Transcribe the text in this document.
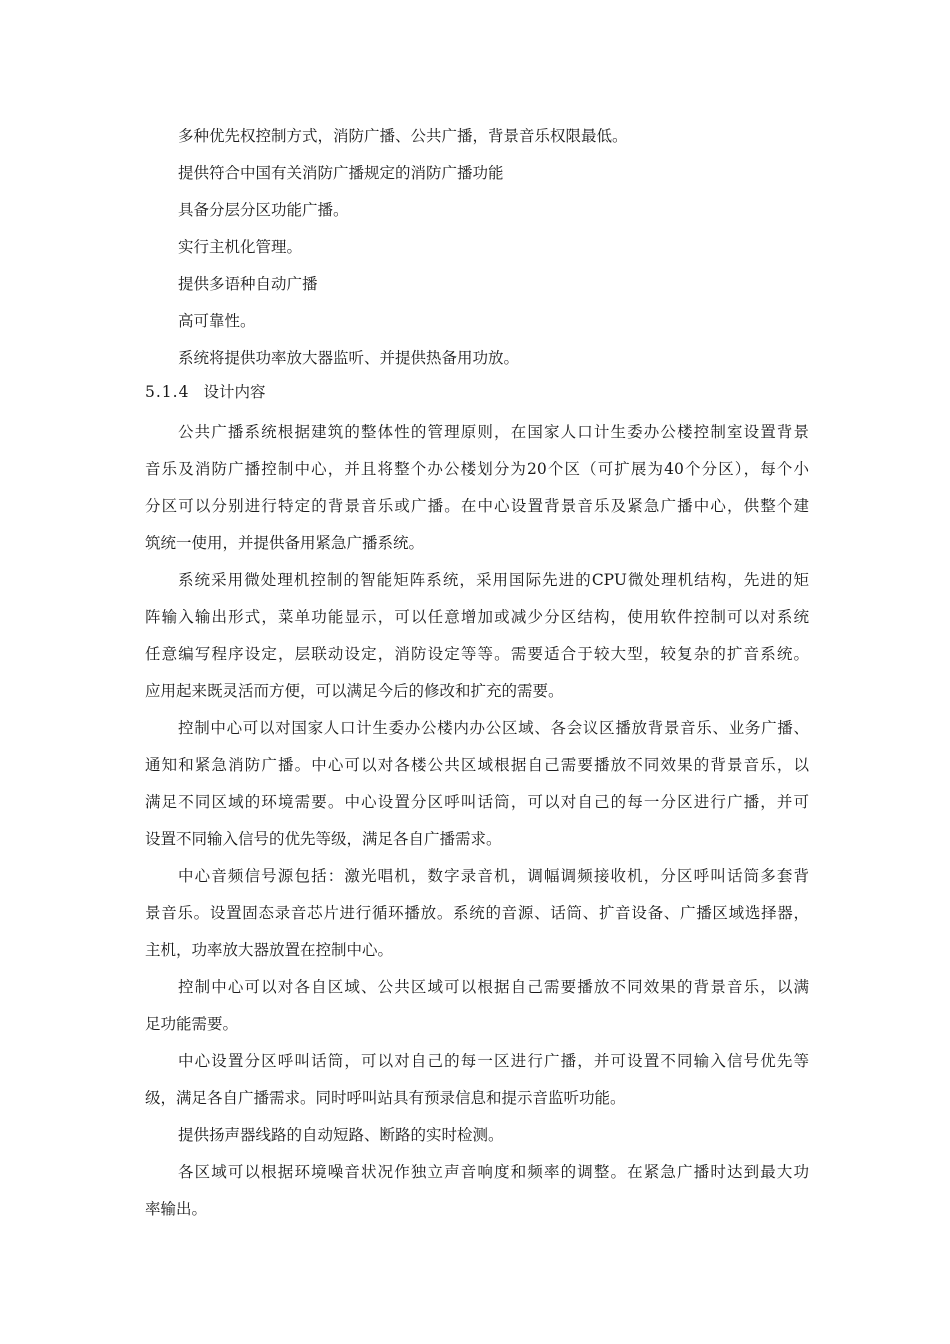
多种优先权控制方式，消防广播、公共广播，背景音乐权限最低。
提供符合中国有关消防广播规定的消防广播功能
具备分层分区功能广播。
实行主机化管理。
提供多语种自动广播
高可靠性。
系统将提供功率放大器监听、并提供热备用功放。
5.1.4 设计内容
公共广播系统根据建筑的整体性的管理原则，在国家人口计生委办公楼控制室设置背景
音乐及消防广播控制中心，并且将整个办公楼划分为20个区（可扩展为40个分区），每个小
分区可以分别进行特定的背景音乐或广播。在中心设置背景音乐及紧急广播中心，供整个建
筑统一使用，并提供备用紧急广播系统。
系统采用微处理机控制的智能矩阵系统，采用国际先进的CPU微处理机结构，先进的矩
阵输入输出形式，菜单功能显示，可以任意增加或减少分区结构，使用软件控制可以对系统
任意编写程序设定，层联动设定，消防设定等等。需要适合于较大型，较复杂的扩音系统。
应用起来既灵活而方便，可以满足今后的修改和扩充的需要。
控制中心可以对国家人口计生委办公楼内办公区域、各会议区播放背景音乐、业务广播、
通知和紧急消防广播。中心可以对各楼公共区域根据自己需要播放不同效果的背景音乐，以
满足不同区域的环境需要。中心设置分区呼叫话筒，可以对自己的每一分区进行广播，并可
设置不同输入信号的优先等级，满足各自广播需求。
中心音频信号源包括：激光唱机，数字录音机，调幅调频接收机，分区呼叫话筒多套背
景音乐。设置固态录音芯片进行循环播放。系统的音源、话筒、扩音设备、广播区域选择器，
主机，功率放大器放置在控制中心。
控制中心可以对各自区域、公共区域可以根据自己需要播放不同效果的背景音乐，以满
足功能需要。
中心设置分区呼叫话筒，可以对自己的每一区进行广播，并可设置不同输入信号优先等
级，满足各自广播需求。同时呼叫站具有预录信息和提示音监听功能。
提供扬声器线路的自动短路、断路的实时检测。
各区域可以根据环境噪音状况作独立声音响度和频率的调整。在紧急广播时达到最大功
率输出。
